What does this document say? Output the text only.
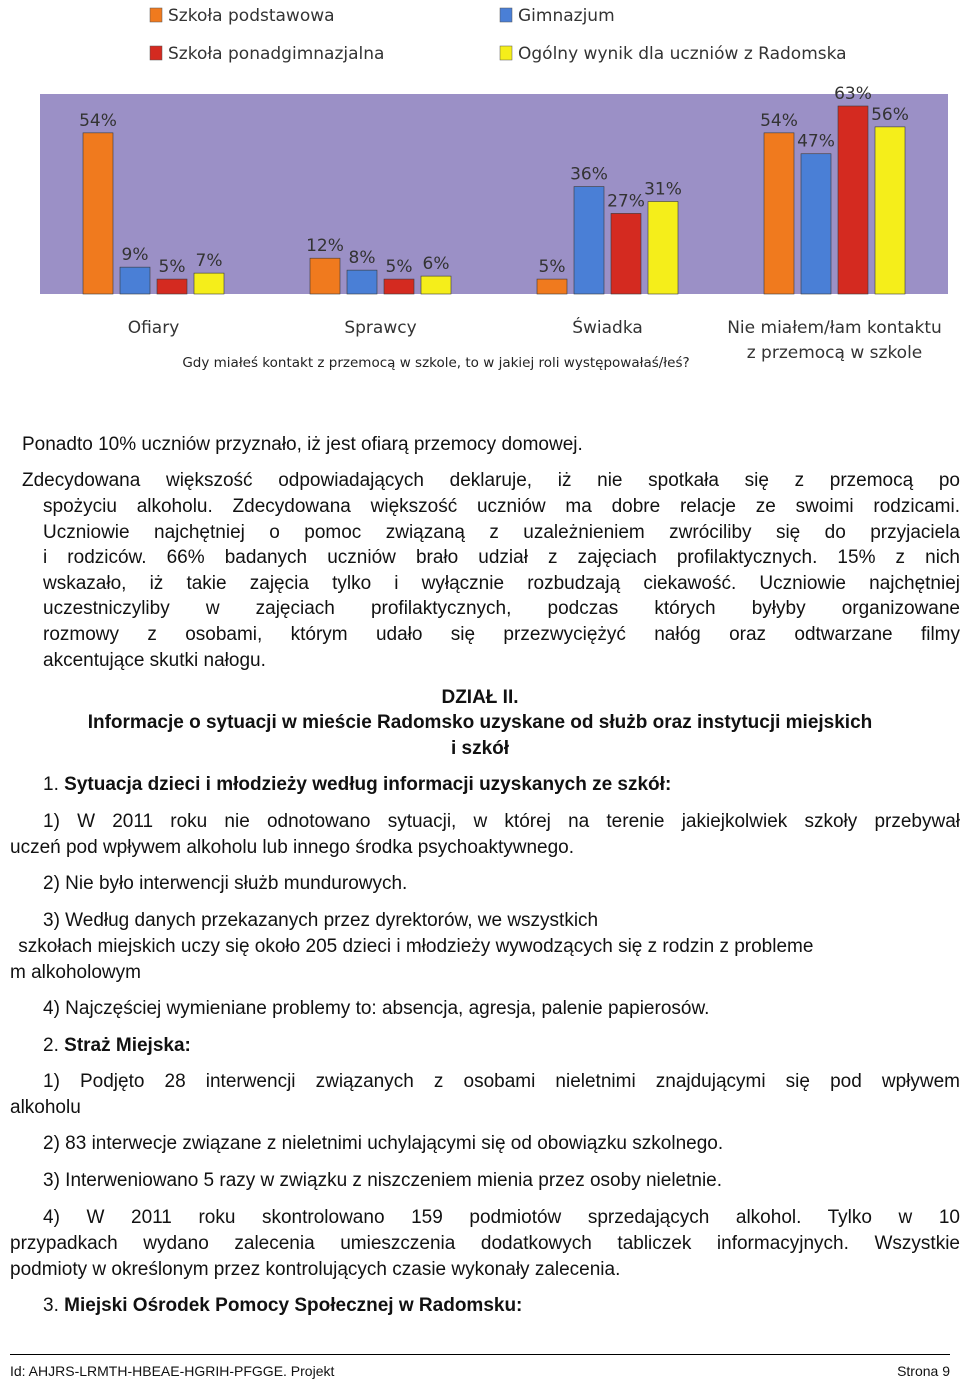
Szkoła podstawowa	Gimnazjum
Szkoła ponadgimnazjalna	Ogólny wynik dla uczniów z Radomska
54%
9%
5% 7%
Ofiary
12%
8% 5% 6%
Sprawcy
5%
36%
27%
31%
Świadka
54%
47%
63%
56%
Nie miałem/łam kontaktu
z przemocą w szkole
Gdy miałeś kontakt z przemocą w szkole, to w jakiej roli występowałaś/łeś?

Ponadto 10% uczniów przyznało, iż jest ofiarą przemocy domowej.

Zdecydowana większość odpowiadających deklaruje, iż nie spotkała się z przemocą po

spożyciu alkoholu. Zdecydowana większość uczniów ma dobre relacje ze swoimi rodzicami.

Uczniowie najchętniej o pomoc związaną z uzależnieniem zwróciliby się do przyjaciela

i rodziców. 66% badanych uczniów brało udział z zajęciach profilaktycznych. 15% z nich

wskazało, iż takie zajęcia tylko i wyłącznie rozbudzają ciekawość. Uczniowie najchętniej

uczestniczyliby w zajęciach profilaktycznych, podczas których byłyby organizowane

rozmowy z osobami, którym udało się przezwyciężyć nałóg oraz odtwarzane filmy

akcentujące skutki nałogu.

DZIAŁ II.

Informacje o sytuacji w mieście Radomsko uzyskane od służb oraz instytucji miejskich

i szkół

1. Sytuacja dzieci i młodzieży według informacji uzyskanych ze szkół:

1) W 2011 roku nie odnotowano sytuacji, w której na terenie jakiejkolwiek szkoły przebywał

uczeń pod wpływem alkoholu lub innego środka psychoaktywnego.

2) Nie było interwencji służb mundurowych.

3) Według danych przekazanych przez dyrektorów, we wszystkich

szkołach miejskich uczy się około 205 dzieci i młodzieży wywodzących się z rodzin z probleme

m alkoholowym

4) Najczęściej wymieniane problemy to: absencja, agresja, palenie papierosów.

2. Straż Miejska:

1) Podjęto 28 interwencji związanych z osobami nieletnimi znajdującymi się pod wpływem

alkoholu

2) 83 interwecje związane z nieletnimi uchylającymi się od obowiązku szkolnego.

3) Interweniowano 5 razy w związku z niszczeniem mienia przez osoby nieletnie.

4) W 2011 roku skontrolowano 159 podmiotów sprzedających alkohol. Tylko w 10

przypadkach wydano zalecenia umieszczenia dodatkowych tabliczek informacyjnych. Wszystkie

podmioty w określonym przez kontrolujących czasie wykonały zalecenia.

3. Miejski Ośrodek Pomocy Społecznej w Radomsku:

Id: AHJRS-LRMTH-HBEAE-HGRIH-PFGGE. Projekt	Strona 9
